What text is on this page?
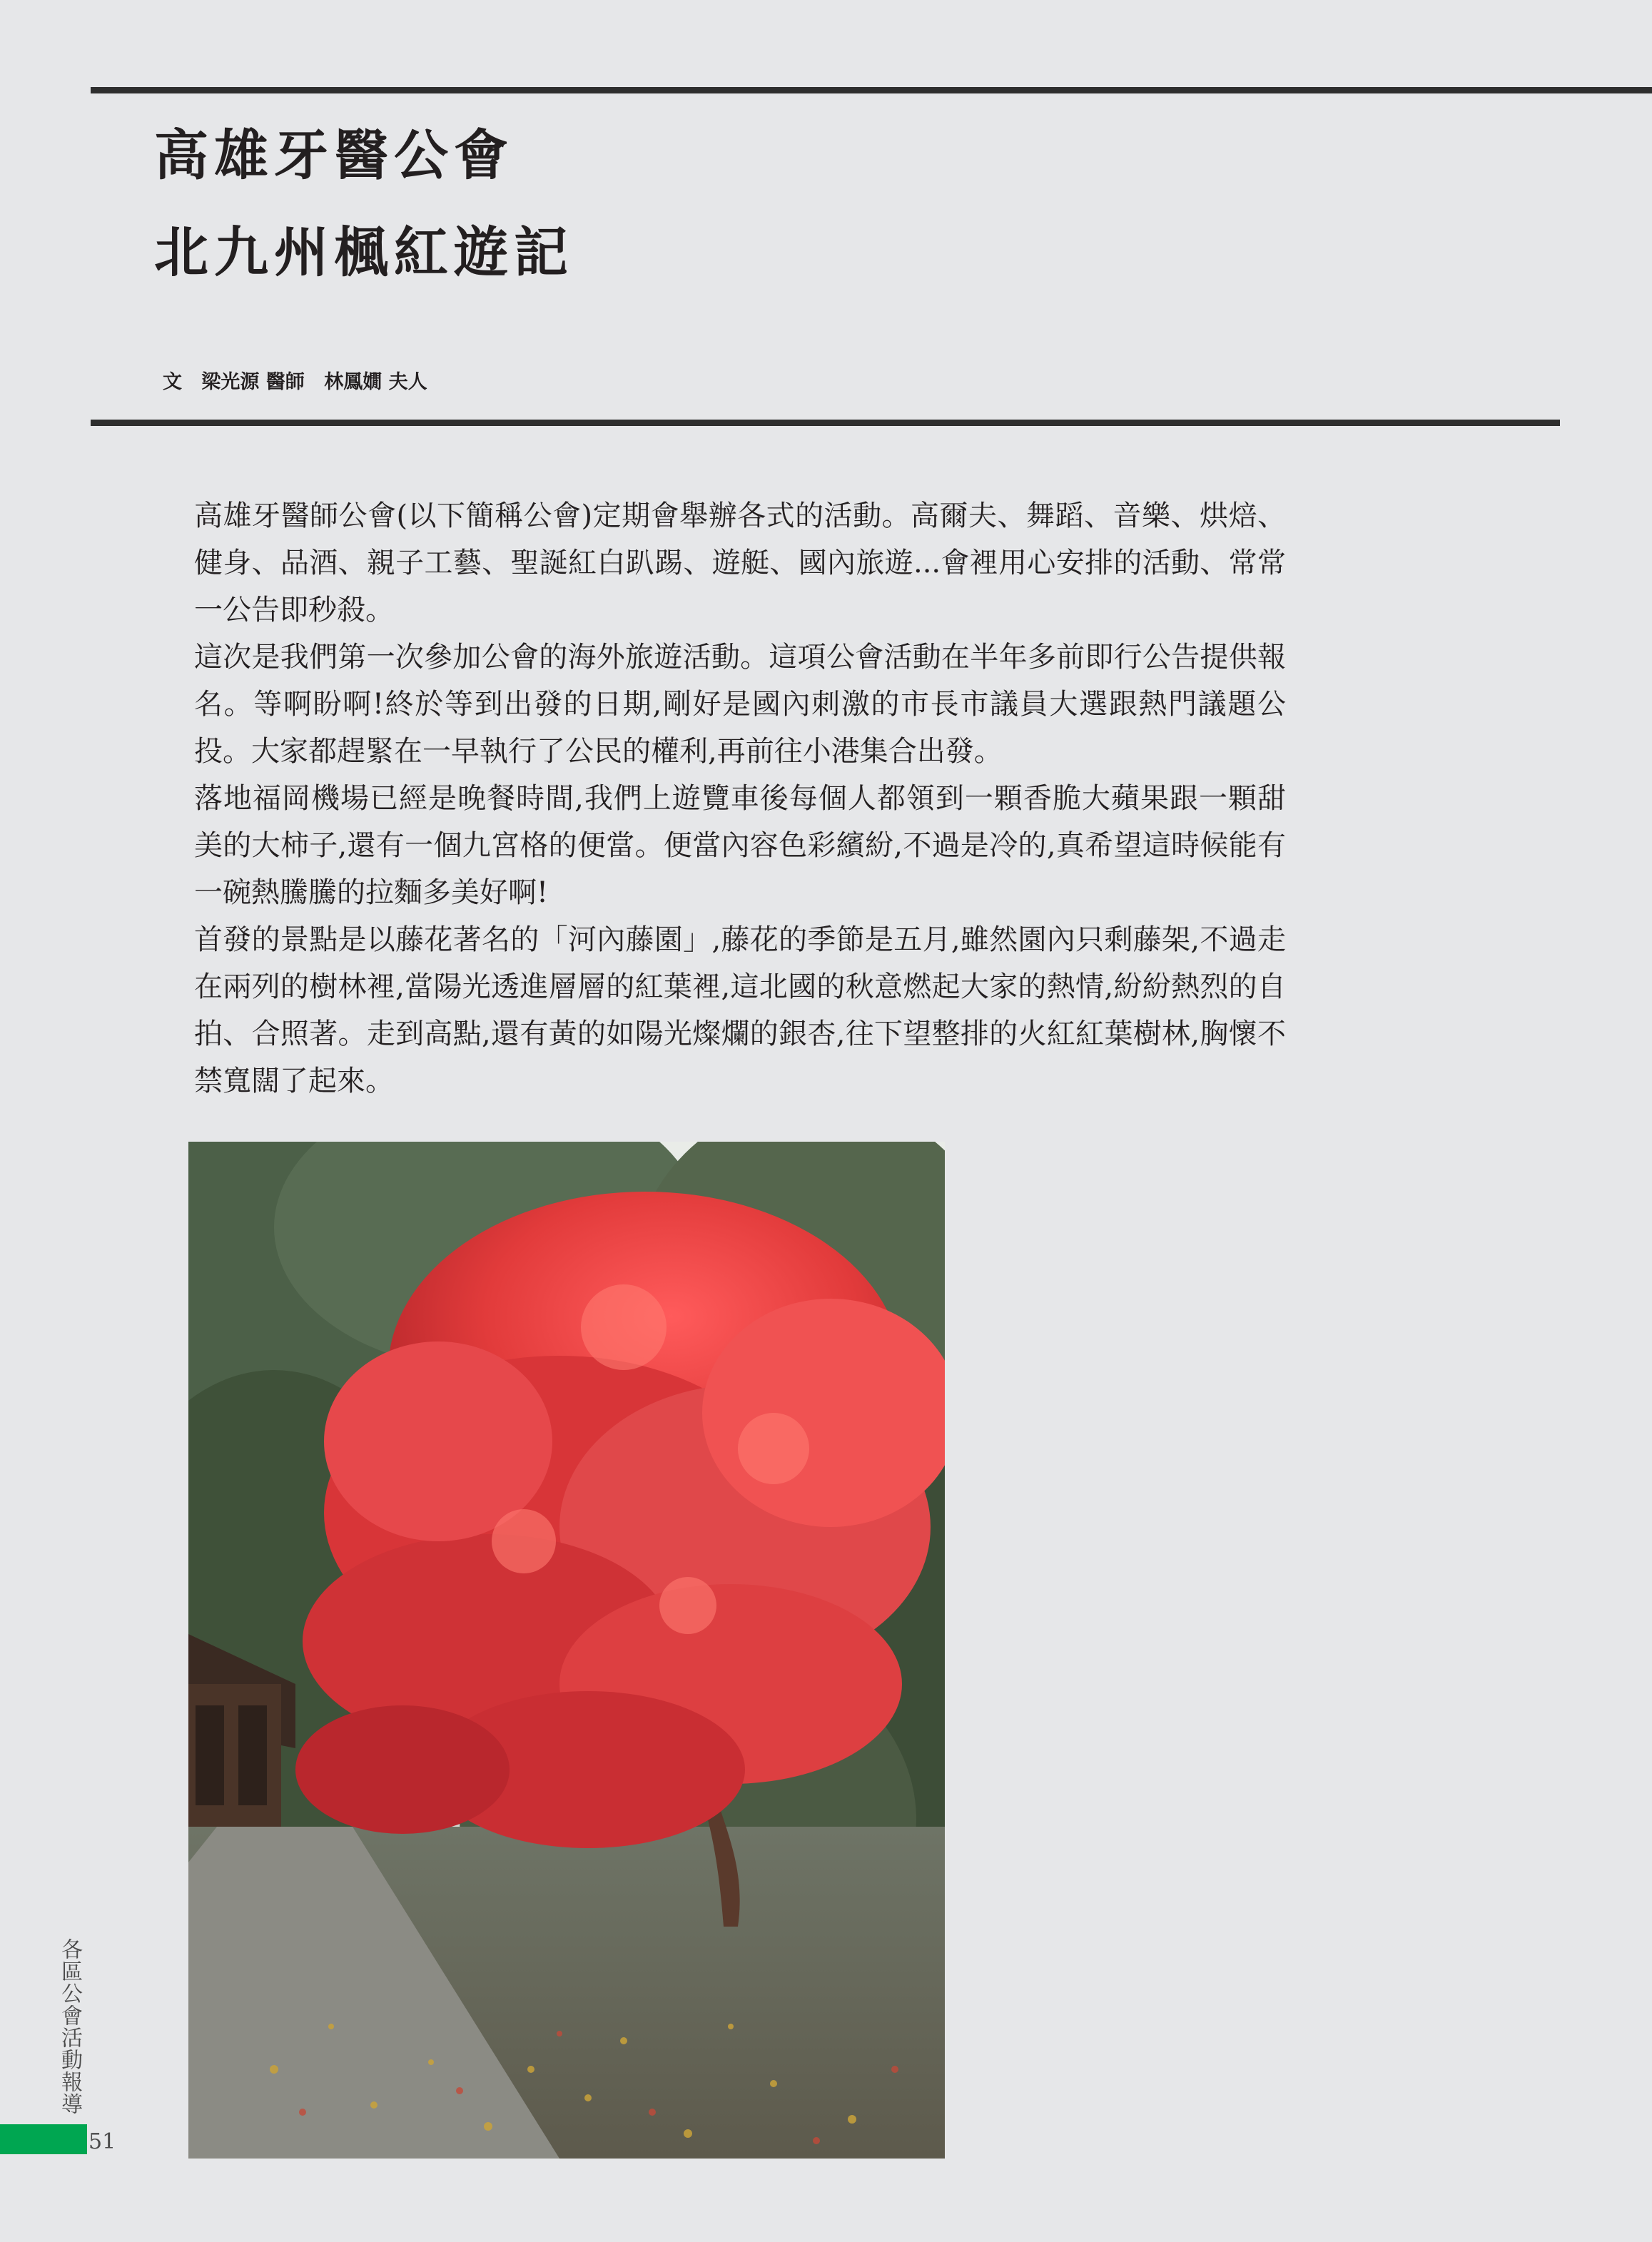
高雄牙醫公會
北九州楓紅遊記
文 梁光源 醫師 林鳳嫺 夫人

高雄牙醫師公會(以下簡稱公會)定期會舉辦各式的活動。高爾夫、舞蹈、音樂、烘焙、健身、品酒、親子工藝、聖誕紅白趴踢、遊艇、國內旅遊...會裡用心安排的活動、常常一公告即秒殺。

這次是我們第一次參加公會的海外旅遊活動。這項公會活動在半年多前即行公告提供報名。等啊盼啊!終於等到出發的日期,剛好是國內刺激的市長市議員大選跟熱門議題公投。大家都趕緊在一早執行了公民的權利,再前往小港集合出發。

落地福岡機場已經是晚餐時間,我們上遊覽車後每個人都領到一顆香脆大蘋果跟一顆甜美的大柿子,還有一個九宮格的便當。便當內容色彩繽紛,不過是冷的,真希望這時候能有一碗熱騰騰的拉麵多美好啊!

首發的景點是以藤花著名的「河內藤園」,藤花的季節是五月,雖然園內只剩藤架,不過走在兩列的樹林裡,當陽光透進層層的紅葉裡,這北國的秋意燃起大家的熱情,紛紛熱烈的自拍、合照著。走到高點,還有黃的如陽光燦爛的銀杏,往下望整排的火紅紅葉樹林,胸懷不禁寬闊了起來。

各區公會活動報導
51
